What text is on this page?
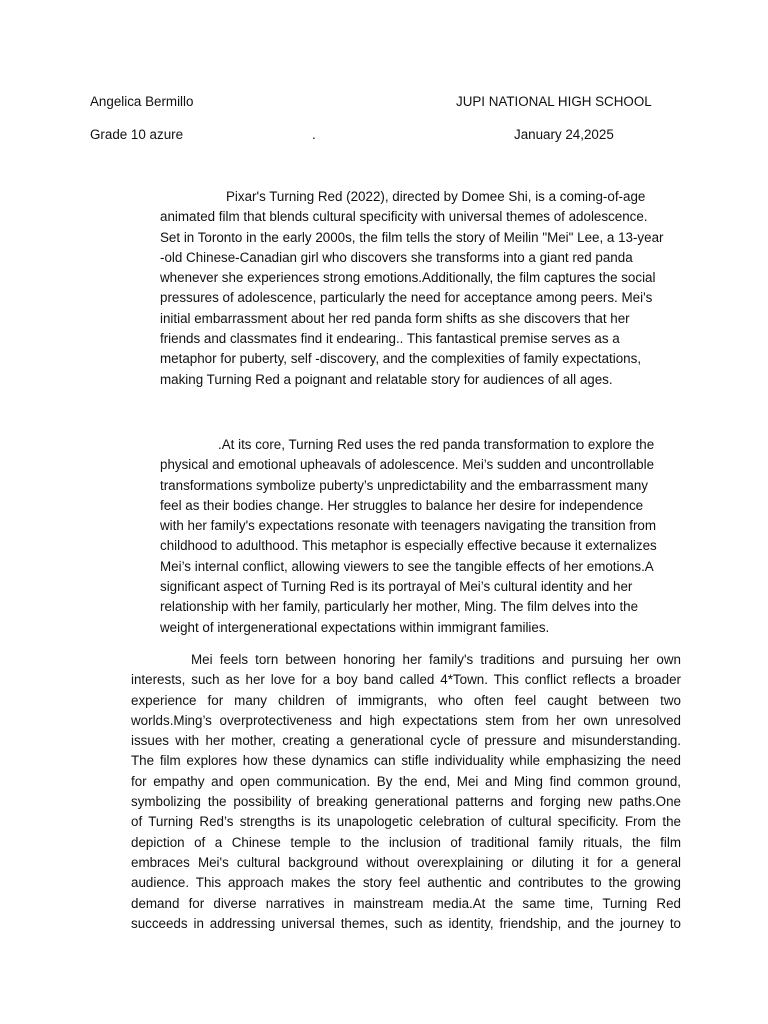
Angelica Bermillo	JUPI NATIONAL HIGH SCHOOL
Grade 10 azure	.	January 24,2025
Pixar's Turning Red (2022), directed by Domee Shi, is a coming-of-age
animated film that blends cultural specificity with universal themes of adolescence.
Set in Toronto in the early 2000s, the film tells the story of Meilin "Mei" Lee, a 13-year
-old Chinese-Canadian girl who discovers she transforms into a giant red panda
whenever she experiences strong emotions.Additionally, the film captures the social
pressures of adolescence, particularly the need for acceptance among peers. Mei's
initial embarrassment about her red panda form shifts as she discovers that her
friends and classmates find it endearing.. This fantastical premise serves as a
metaphor for puberty, self -discovery, and the complexities of family expectations,
making Turning Red a poignant and relatable story for audiences of all ages.
.At its core, Turning Red uses the red panda transformation to explore the
physical and emotional upheavals of adolescence. Mei’s sudden and uncontrollable
transformations symbolize puberty’s unpredictability and the embarrassment many
feel as their bodies change. Her struggles to balance her desire for independence
with her family's expectations resonate with teenagers navigating the transition from
childhood to adulthood. This metaphor is especially effective because it externalizes
Mei’s internal conflict, allowing viewers to see the tangible effects of her emotions.A
significant aspect of Turning Red is its portrayal of Mei’s cultural identity and her
relationship with her family, particularly her mother, Ming. The film delves into the
weight of intergenerational expectations within immigrant families.
Mei feels torn between honoring her family's traditions and pursuing her own
interests, such as her love for a boy band called 4*Town. This conflict reflects a broader
experience for many children of immigrants, who often feel caught between two
worlds.Ming’s overprotectiveness and high expectations stem from her own unresolved
issues with her mother, creating a generational cycle of pressure and misunderstanding.
The film explores how these dynamics can stifle individuality while emphasizing the need
for empathy and open communication. By the end, Mei and Ming find common ground,
symbolizing the possibility of breaking generational patterns and forging new paths.One
of Turning Red’s strengths is its unapologetic celebration of cultural specificity. From the
depiction of a Chinese temple to the inclusion of traditional family rituals, the film
embraces Mei's cultural background without overexplaining or diluting it for a general
audience. This approach makes the story feel authentic and contributes to the growing
demand for diverse narratives in mainstream media.At the same time, Turning Red
succeeds in addressing universal themes, such as identity, friendship, and the journey to
